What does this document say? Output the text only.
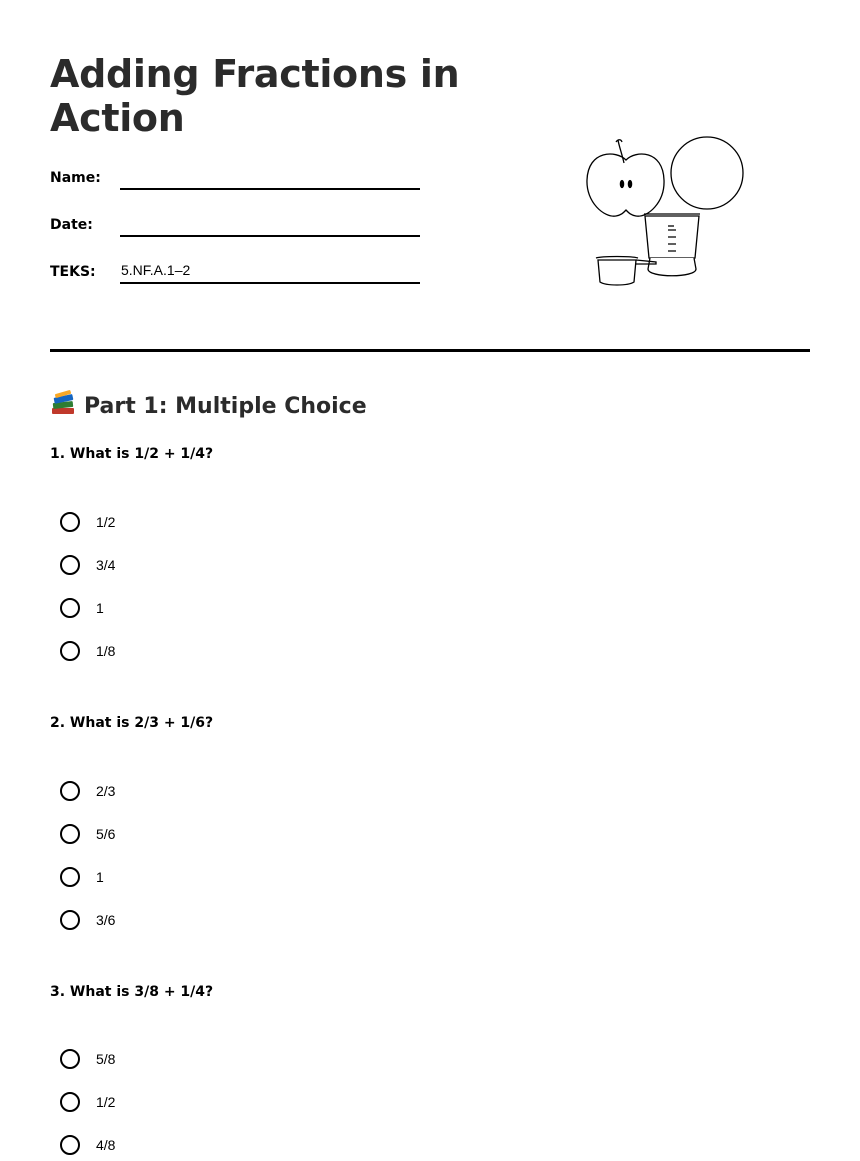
Adding Fractions in Action
Name:
Date:
TEKS: 5.NF.A.1–2
Part 1: Multiple Choice
1. What is 1/2 + 1/4?
1/2
3/4
1
1/8
2. What is 2/3 + 1/6?
2/3
5/6
1
3/6
3. What is 3/8 + 1/4?
5/8
1/2
4/8
